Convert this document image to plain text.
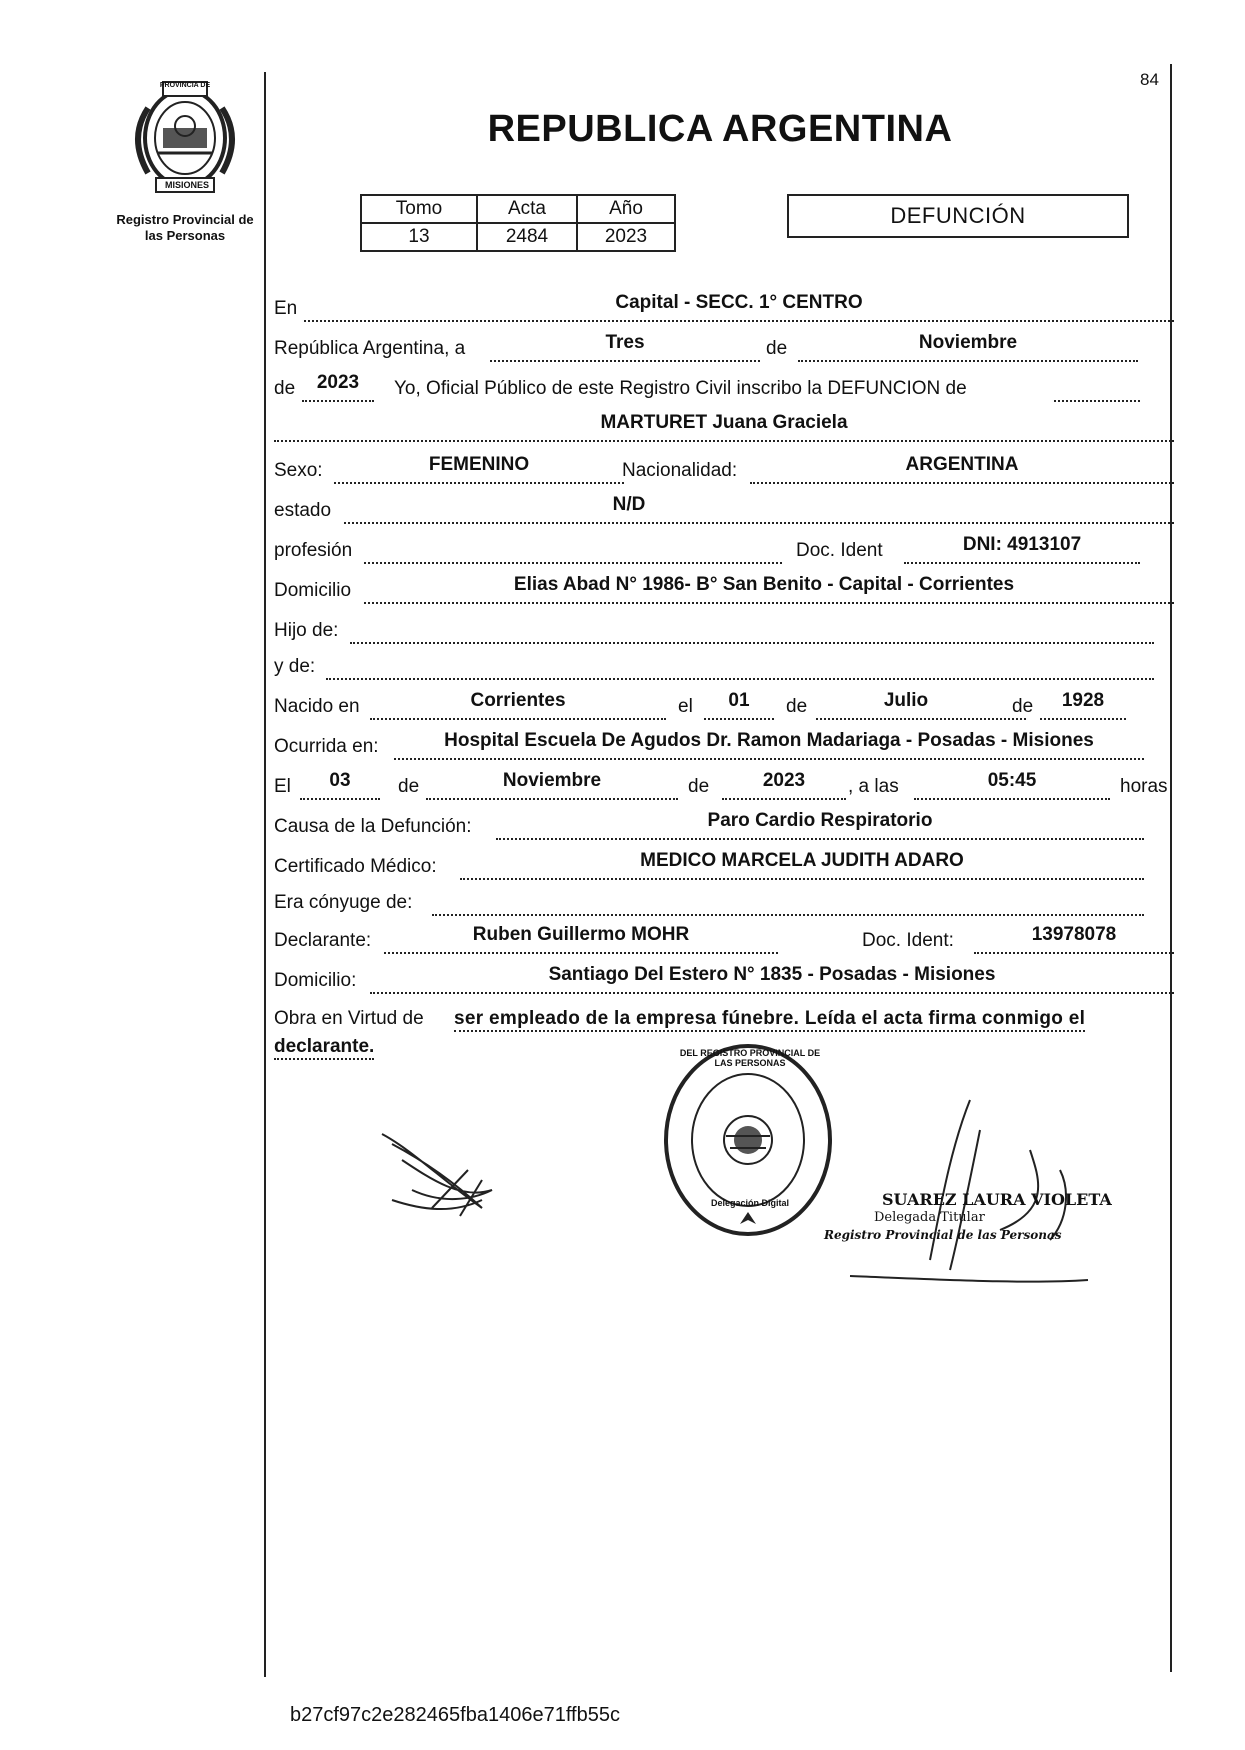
84
PROVINCIA DE
MISIONES
Registro Provincial de
las Personas
REPUBLICA ARGENTINA
Tomo	Acta	Año
13	2484	2023
DEFUNCIÓN
En	Capital - SECC. 1° CENTRO
República Argentina, a	Tres	de	Noviembre
de	2023	Yo, Oficial Público de este Registro Civil inscribo la DEFUNCION de
MARTURET Juana Graciela
Sexo:	FEMENINO	Nacionalidad:	ARGENTINA
estado	N/D
profesión	Doc. Ident	DNI: 4913107
Domicilio	Elias Abad N° 1986- B° San Benito - Capital - Corrientes
Hijo de:
y de:
Nacido en	Corrientes	el	01	de	Julio	de	1928
Ocurrida en:	Hospital Escuela De Agudos Dr. Ramon Madariaga - Posadas - Misiones
El	03	de	Noviembre	de	2023	, a las	05:45	horas
Causa de la Defunción:	Paro Cardio Respiratorio
Certificado Médico:	MEDICO MARCELA JUDITH ADARO
Era cónyuge de:
Declarante:	Ruben Guillermo MOHR	Doc. Ident:	13978078
Domicilio:	Santiago Del Estero N° 1835 - Posadas - Misiones
Obra en Virtud de ser empleado de la empresa fúnebre. Leída el acta firma conmigo el
declarante.	DEL REGISTRO PROVINCIAL DE LAS PERSONAS
Delegación Digital	SUAREZ LAURA VIOLETA
Delegada Titular
Registro Provincial de las Personas
b27cf97c2e282465fba1406e71ffb55c
